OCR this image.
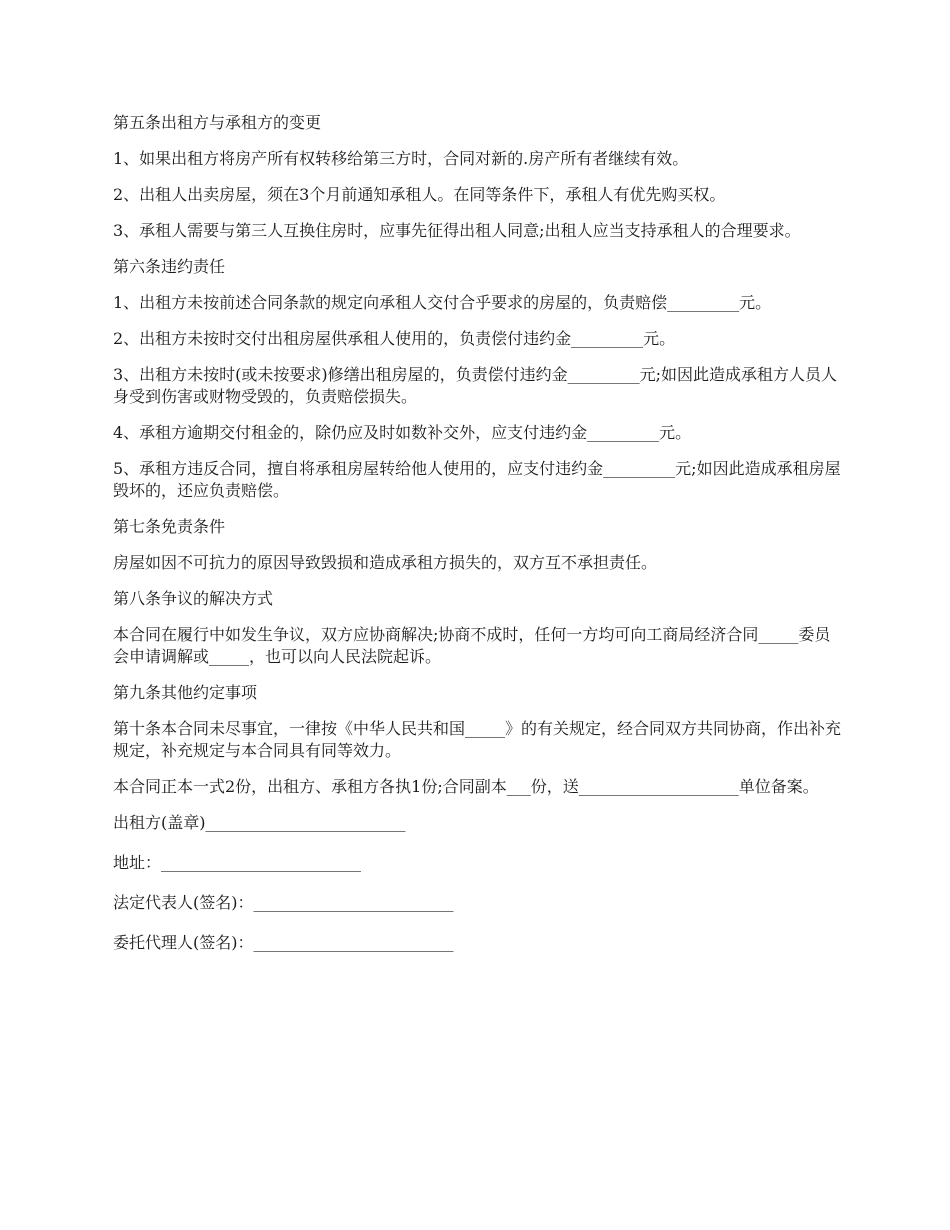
第五条出租方与承租方的变更

1、如果出租方将房产所有权转移给第三方时，合同对新的.房产所有者继续有效。

2、出租人出卖房屋，须在3个月前通知承租人。在同等条件下，承租人有优先购买权。

3、承租人需要与第三人互换住房时，应事先征得出租人同意;出租人应当支持承租人的合理要求。

第六条违约责任

1、出租方未按前述合同条款的规定向承租人交付合乎要求的房屋的，负责赔偿_________元。

2、出租方未按时交付出租房屋供承租人使用的，负责偿付违约金_________元。

3、出租方未按时(或未按要求)修缮出租房屋的，负责偿付违约金_________元;如因此造成承租方人员人身受到伤害或财物受毁的，负责赔偿损失。

4、承租方逾期交付租金的，除仍应及时如数补交外，应支付违约金_________元。

5、承租方违反合同，擅自将承租房屋转给他人使用的，应支付违约金_________元;如因此造成承租房屋毁坏的，还应负责赔偿。

第七条免责条件

房屋如因不可抗力的原因导致毁损和造成承租方损失的，双方互不承担责任。

第八条争议的解决方式

本合同在履行中如发生争议，双方应协商解决;协商不成时，任何一方均可向工商局经济合同_____委员会申请调解或_____，也可以向人民法院起诉。

第九条其他约定事项

第十条本合同未尽事宜，一律按《中华人民共和国_____》的有关规定，经合同双方共同协商，作出补充规定，补充规定与本合同具有同等效力。

本合同正本一式2份，出租方、承租方各执1份;合同副本___份，送____________________单位备案。

出租方(盖章)_________________________

地址：_________________________

法定代表人(签名)：_________________________

委托代理人(签名)：_________________________
